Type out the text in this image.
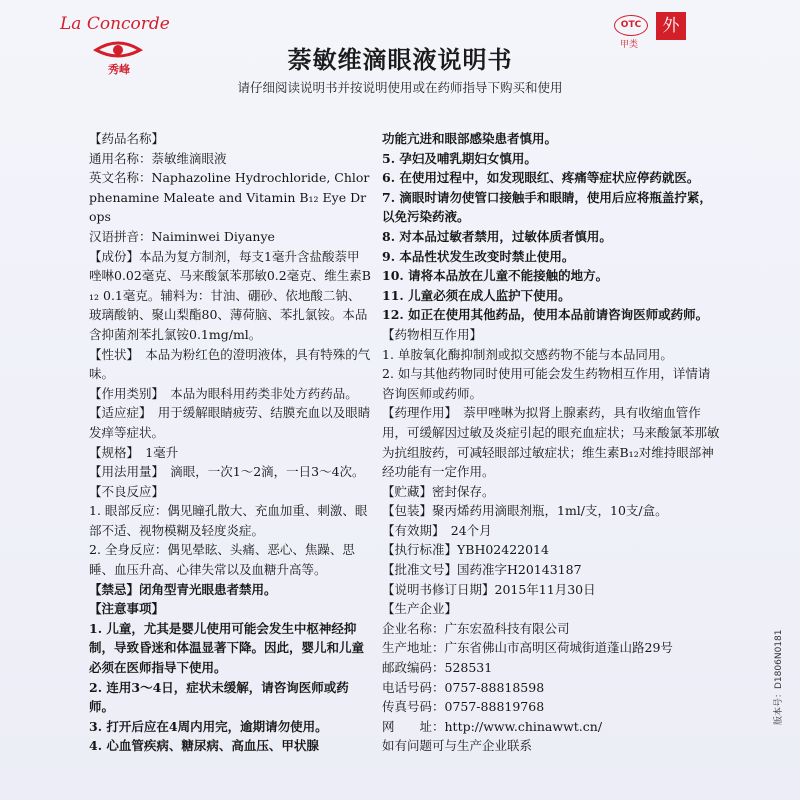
La Concorde
秀峰
OTC
甲类
外
萘敏维滴眼液说明书
请仔细阅读说明书并按说明使用或在药师指导下购买和使用

【药品名称】

通用名称：萘敏维滴眼液

英文名称：Naphazoline Hydrochloride, Chlorphenamine Maleate and Vitamin B₁₂ Eye Drops

汉语拼音：Naiminwei Diyanye

【成份】本品为复方制剂，每支1毫升含盐酸萘甲唑啉0.02毫克、马来酸氯苯那敏0.2毫克、维生素B₁₂ 0.1毫克。辅料为：甘油、硼砂、依地酸二钠、玻璃酸钠、聚山梨酯80、薄荷脑、苯扎氯铵。本品含抑菌剂苯扎氯铵0.1mg/ml。

【性状】　本品为粉红色的澄明液体，具有特殊的气味。

【作用类别】　本品为眼科用药类非处方药药品。

【适应症】　用于缓解眼睛疲劳、结膜充血以及眼睛发痒等症状。

【规格】　1毫升

【用法用量】　滴眼，一次1～2滴，一日3～4次。

【不良反应】

1. 眼部反应：偶见瞳孔散大、充血加重、刺激、眼部不适、视物模糊及轻度炎症。

2. 全身反应：偶见晕眩、头痛、恶心、焦躁、思睡、血压升高、心律失常以及血糖升高等。

【禁忌】闭角型青光眼患者禁用。

【注意事项】

1. 儿童，尤其是婴儿使用可能会发生中枢神经抑制，导致昏迷和体温显著下降。因此，婴儿和儿童必须在医师指导下使用。

2. 连用3～4日，症状未缓解，请咨询医师或药师。

3. 打开后应在4周内用完，逾期请勿使用。

4. 心血管疾病、糖尿病、高血压、甲状腺

功能亢进和眼部感染患者慎用。

5. 孕妇及哺乳期妇女慎用。

6. 在使用过程中，如发现眼红、疼痛等症状应停药就医。

7. 滴眼时请勿使管口接触手和眼睛，使用后应将瓶盖拧紧，以免污染药液。

8. 对本品过敏者禁用，过敏体质者慎用。

9. 本品性状发生改变时禁止使用。

10. 请将本品放在儿童不能接触的地方。

11. 儿童必须在成人监护下使用。

12. 如正在使用其他药品，使用本品前请咨询医师或药师。

【药物相互作用】

1. 单胺氧化酶抑制剂或拟交感药物不能与本品同用。

2. 如与其他药物同时使用可能会发生药物相互作用，详情请咨询医师或药师。

【药理作用】　萘甲唑啉为拟肾上腺素药，具有收缩血管作用，可缓解因过敏及炎症引起的眼充血症状；马来酸氯苯那敏为抗组胺药，可减轻眼部过敏症状；维生素B₁₂对维持眼部神经功能有一定作用。

【贮藏】密封保存。

【包装】聚丙烯药用滴眼剂瓶，1ml/支，10支/盒。

【有效期】　24个月

【执行标准】YBH02422014

【批准文号】国药准字H20143187

【说明书修订日期】2015年11月30日

【生产企业】

企业名称：广东宏盈科技有限公司

生产地址：广东省佛山市高明区荷城街道蓬山路29号

邮政编码：528531

电话号码：0757-88818598

传真号码：0757-88819768

网　　址：http://www.chinawwt.cn/

如有问题可与生产企业联系

版本号：D1806N0181
